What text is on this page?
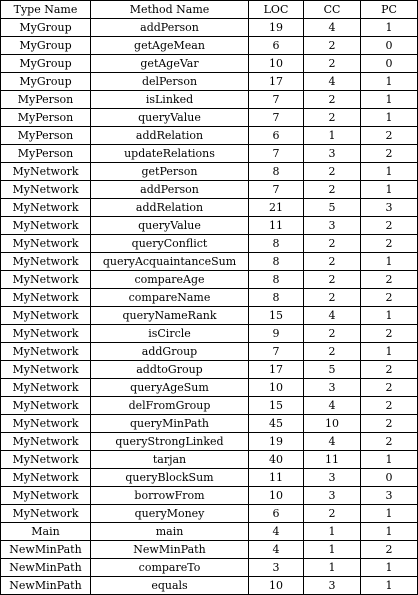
Type Name	Method Name	LOC	CC	PC
MyGroup	addPerson	19	4	1
MyGroup	getAgeMean	6	2	0
MyGroup	getAgeVar	10	2	0
MyGroup	delPerson	17	4	1
MyPerson	isLinked	7	2	1
MyPerson	queryValue	7	2	1
MyPerson	addRelation	6	1	2
MyPerson	updateRelations	7	3	2
MyNetwork	getPerson	8	2	1
MyNetwork	addPerson	7	2	1
MyNetwork	addRelation	21	5	3
MyNetwork	queryValue	11	3	2
MyNetwork	queryConflict	8	2	2
MyNetwork	queryAcquaintanceSum	8	2	1
MyNetwork	compareAge	8	2	2
MyNetwork	compareName	8	2	2
MyNetwork	queryNameRank	15	4	1
MyNetwork	isCircle	9	2	2
MyNetwork	addGroup	7	2	1
MyNetwork	addtoGroup	17	5	2
MyNetwork	queryAgeSum	10	3	2
MyNetwork	delFromGroup	15	4	2
MyNetwork	queryMinPath	45	10	2
MyNetwork	queryStrongLinked	19	4	2
MyNetwork	tarjan	40	11	1
MyNetwork	queryBlockSum	11	3	0
MyNetwork	borrowFrom	10	3	3
MyNetwork	queryMoney	6	2	1
Main	main	4	1	1
NewMinPath	NewMinPath	4	1	2
NewMinPath	compareTo	3	1	1
NewMinPath	equals	10	3	1
